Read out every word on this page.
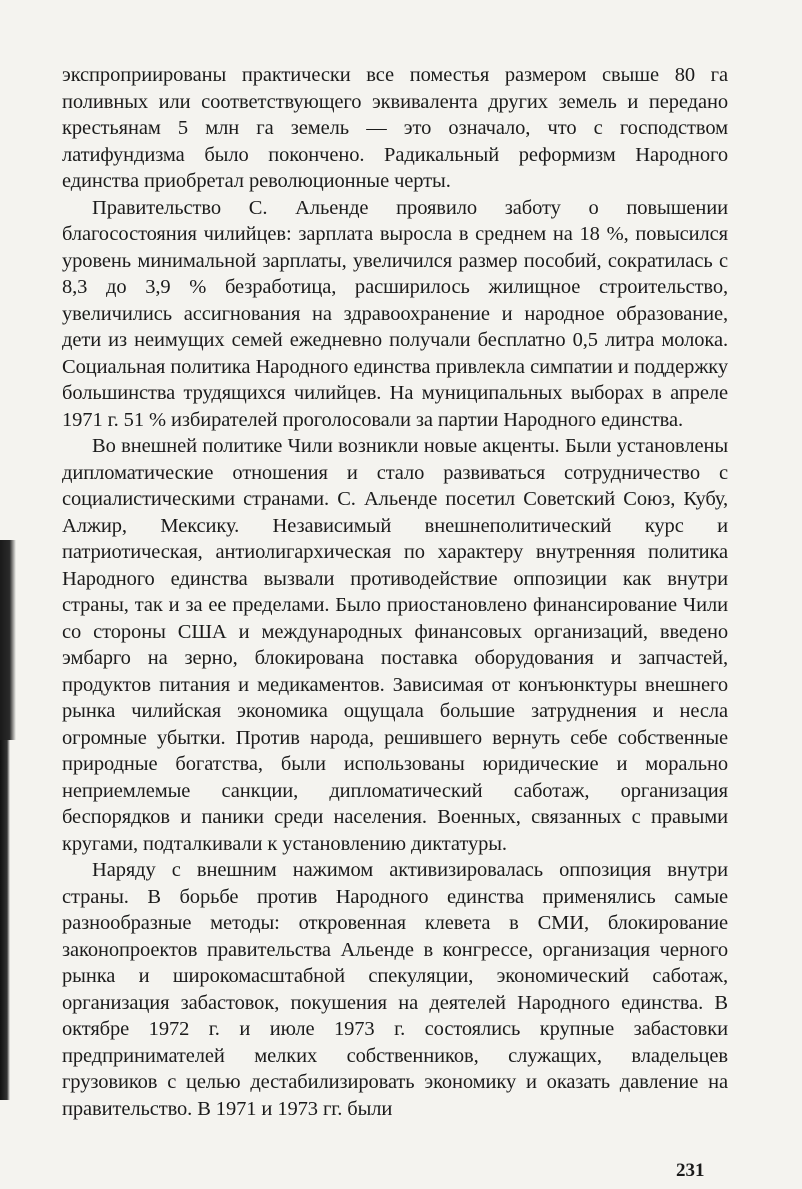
экспроприированы практически все поместья размером свыше 80 га поливных или соответствующего эквивалента других земель и передано крестьянам 5 млн га земель — это означало, что с господством латифундизма было покончено. Радикальный реформизм Народного единства приобретал революционные черты.

Правительство С. Альенде проявило заботу о повышении благосостояния чилийцев: зарплата выросла в среднем на 18 %, повысился уровень минимальной зарплаты, увеличился размер пособий, сократилась с 8,3 до 3,9 % безработица, расширилось жилищное строительство, увеличились ассигнования на здравоохранение и народное образование, дети из неимущих семей ежедневно получали бесплатно 0,5 литра молока. Социальная политика Народного единства привлекла симпатии и поддержку большинства трудящихся чилийцев. На муниципальных выборах в апреле 1971 г. 51 % избирателей проголосовали за партии Народного единства.

Во внешней политике Чили возникли новые акценты. Были установлены дипломатические отношения и стало развиваться сотрудничество с социалистическими странами. С. Альенде посетил Советский Союз, Кубу, Алжир, Мексику. Независимый внешнеполитический курс и патриотическая, антиолигархическая по характеру внутренняя политика Народного единства вызвали противодействие оппозиции как внутри страны, так и за ее пределами. Было приостановлено финансирование Чили со стороны США и международных финансовых организаций, введено эмбарго на зерно, блокирована поставка оборудования и запчастей, продуктов питания и медикаментов. Зависимая от конъюнктуры внешнего рынка чилийская экономика ощущала большие затруднения и несла огромные убытки. Против народа, решившего вернуть себе собственные природные богатства, были использованы юридические и морально неприемлемые санкции, дипломатический саботаж, организация беспорядков и паники среди населения. Военных, связанных с правыми кругами, подталкивали к установлению диктатуры.

Наряду с внешним нажимом активизировалась оппозиция внутри страны. В борьбе против Народного единства применялись самые разнообразные методы: откровенная клевета в СМИ, блокирование законопроектов правительства Альенде в конгрессе, организация черного рынка и широкомасштабной спекуляции, экономический саботаж, организация забастовок, покушения на деятелей Народного единства. В октябре 1972 г. и июле 1973 г. состоялись крупные забастовки предпринимателей мелких собственников, служащих, владельцев грузовиков с целью дестабилизировать экономику и оказать давление на правительство. В 1971 и 1973 гг. были

231
